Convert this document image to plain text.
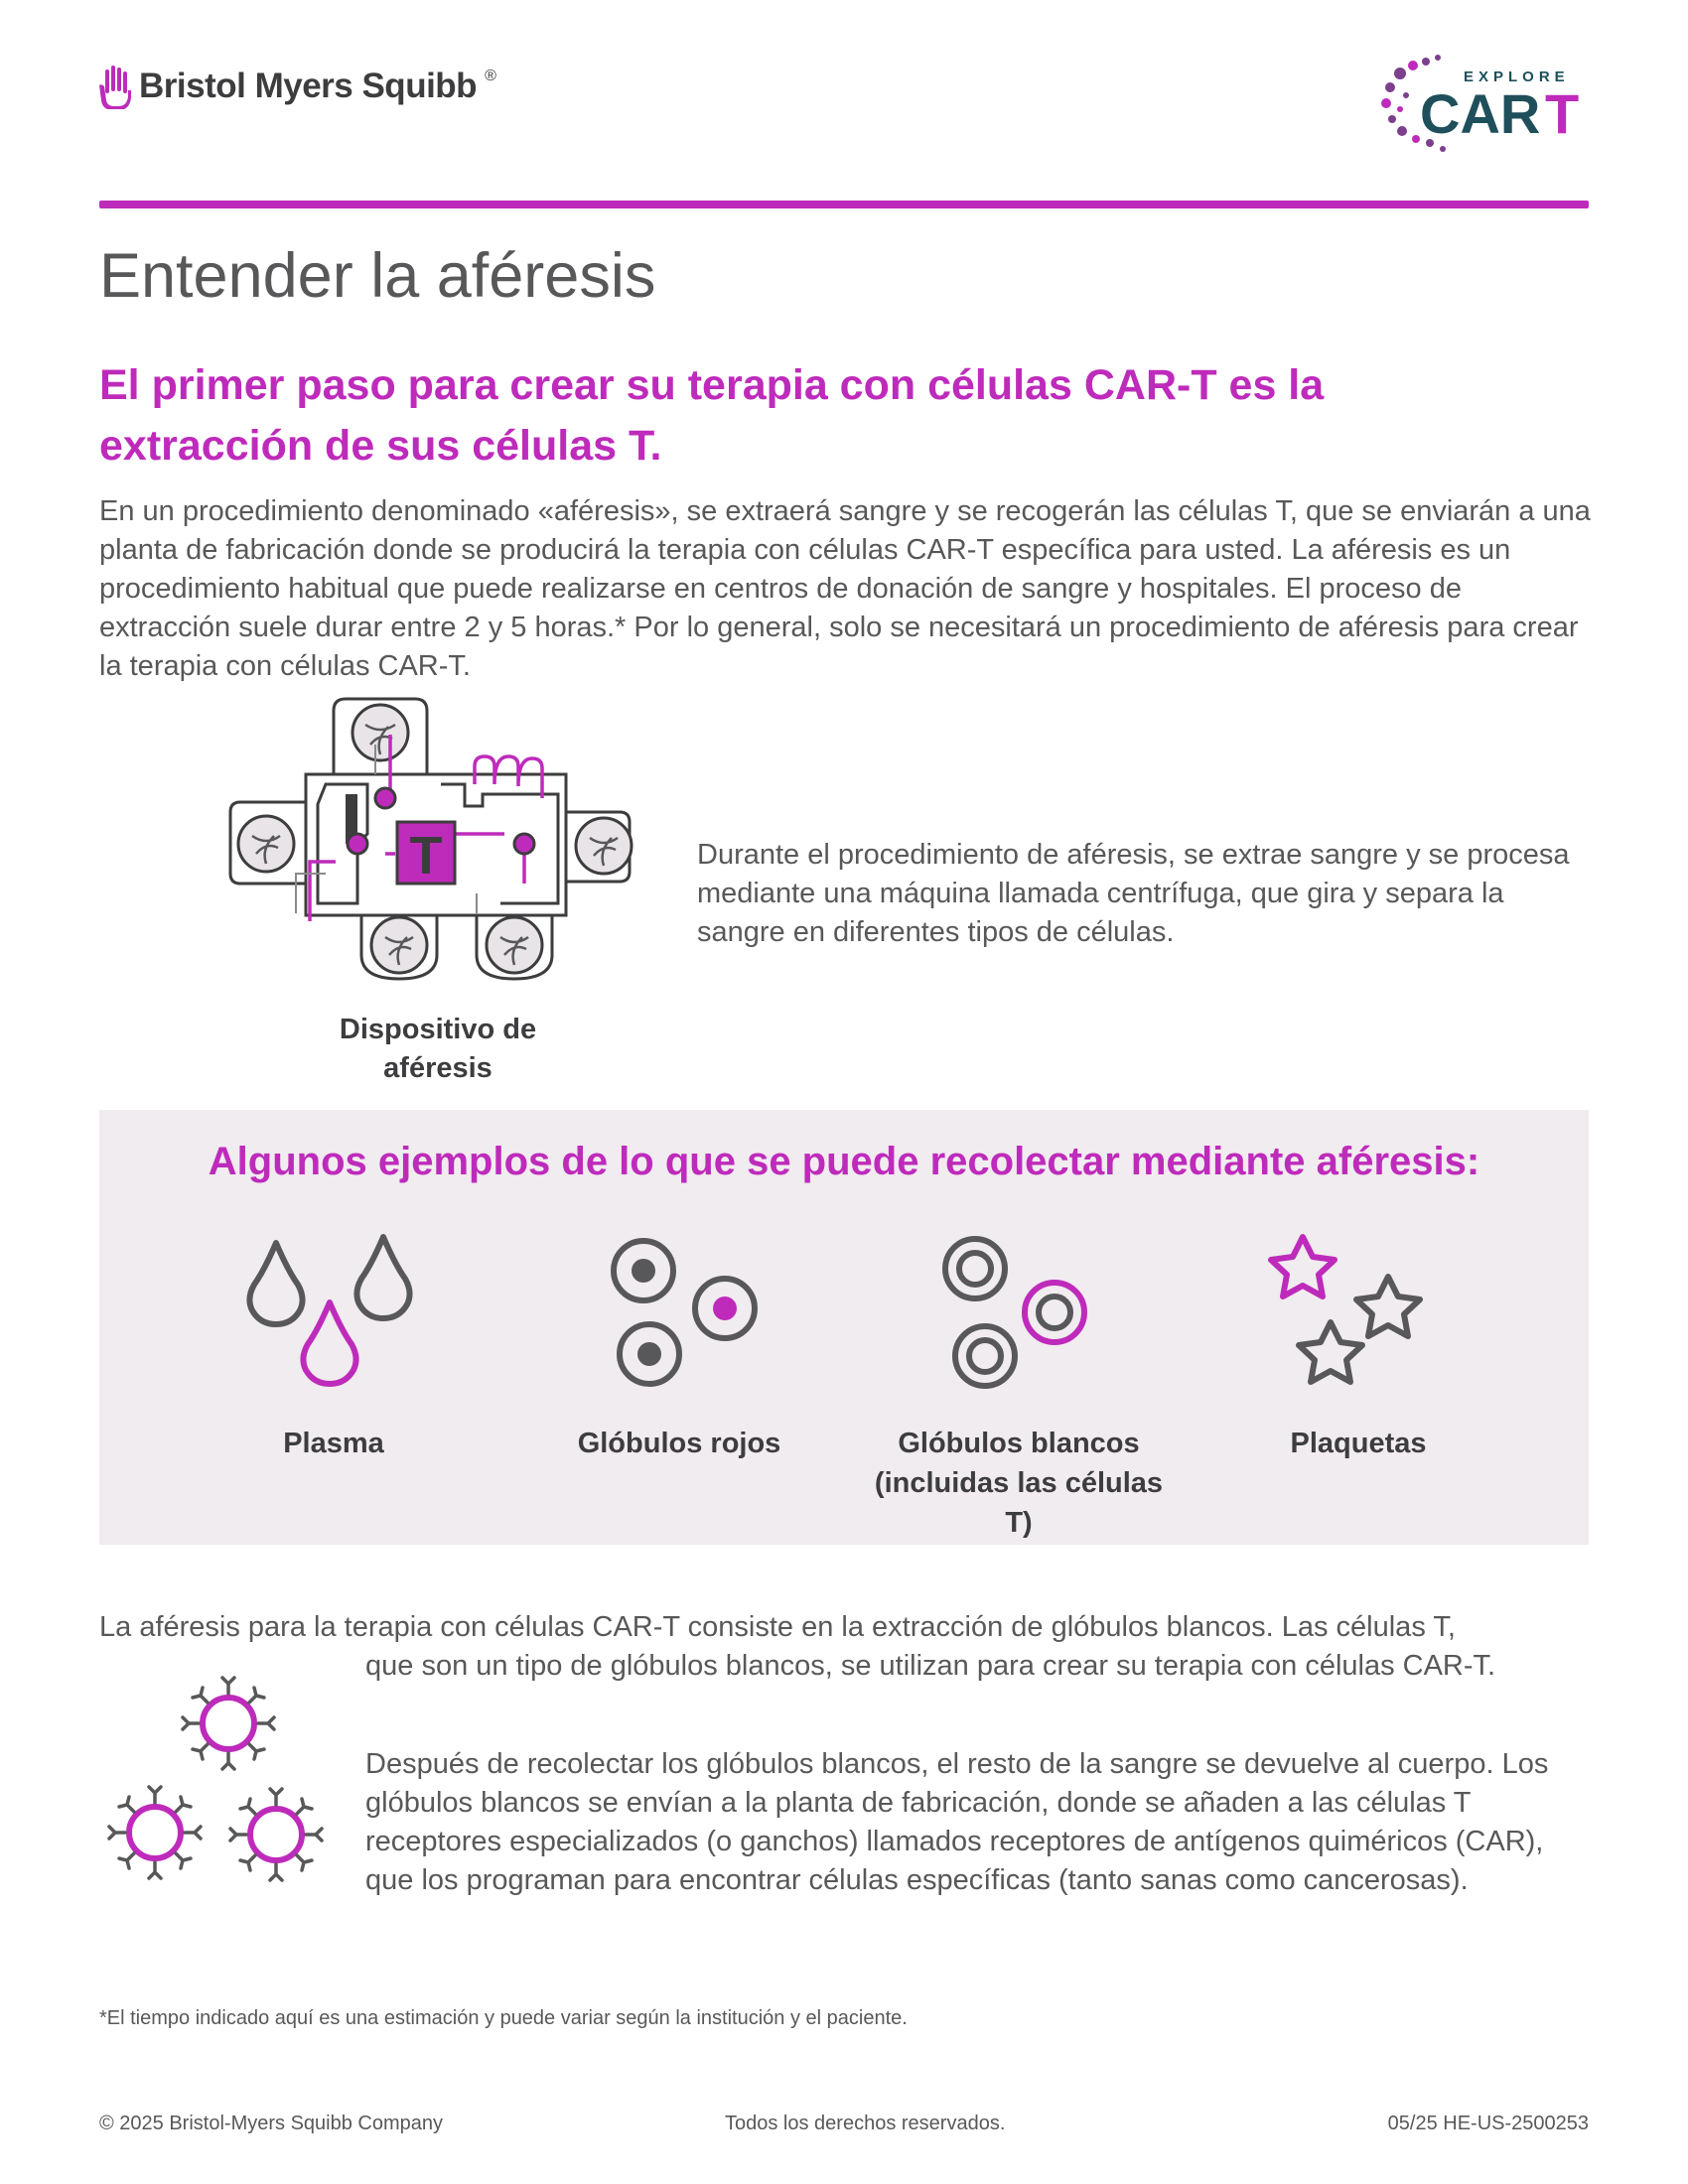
Bristol Myers Squibb ®	EXPLORE
CAR T
Entender la aféresis
El primer paso para crear su terapia con células CAR-T es la extracción de sus células T.

En un procedimiento denominado «aféresis», se extraerá sangre y se recogerán las células T, que se enviarán a una planta de fabricación donde se producirá la terapia con células CAR-T específica para usted. La aféresis es un procedimiento habitual que puede realizarse en centros de donación de sangre y hospitales. El proceso de extracción suele durar entre 2 y 5 horas.* Por lo general, solo se necesitará un procedimiento de aféresis para crear la terapia con células CAR-T.

T
Dispositivo de
aféresis

Durante el procedimiento de aféresis, se extrae sangre y se procesa mediante una máquina llamada centrífuga, que gira y separa la sangre en diferentes tipos de células.

Algunos ejemplos de lo que se puede recolectar mediante aféresis:
Plasma	Glóbulos rojos	Glóbulos blancos
(incluidas las células T)
Plaquetas

La aféresis para la terapia con células CAR-T consiste en la extracción de glóbulos blancos. Las células T,
que son un tipo de glóbulos blancos, se utilizan para crear su terapia con células CAR-T.

Después de recolectar los glóbulos blancos, el resto de la sangre se devuelve al cuerpo. Los glóbulos blancos se envían a la planta de fabricación, donde se añaden a las células T receptores especializados (o ganchos) llamados receptores de antígenos quiméricos (CAR), que los programan para encontrar células específicas (tanto sanas como cancerosas).

*El tiempo indicado aquí es una estimación y puede variar según la institución y el paciente.
© 2025 Bristol-Myers Squibb Company	Todos los derechos reservados.	05/25 HE-US-2500253
